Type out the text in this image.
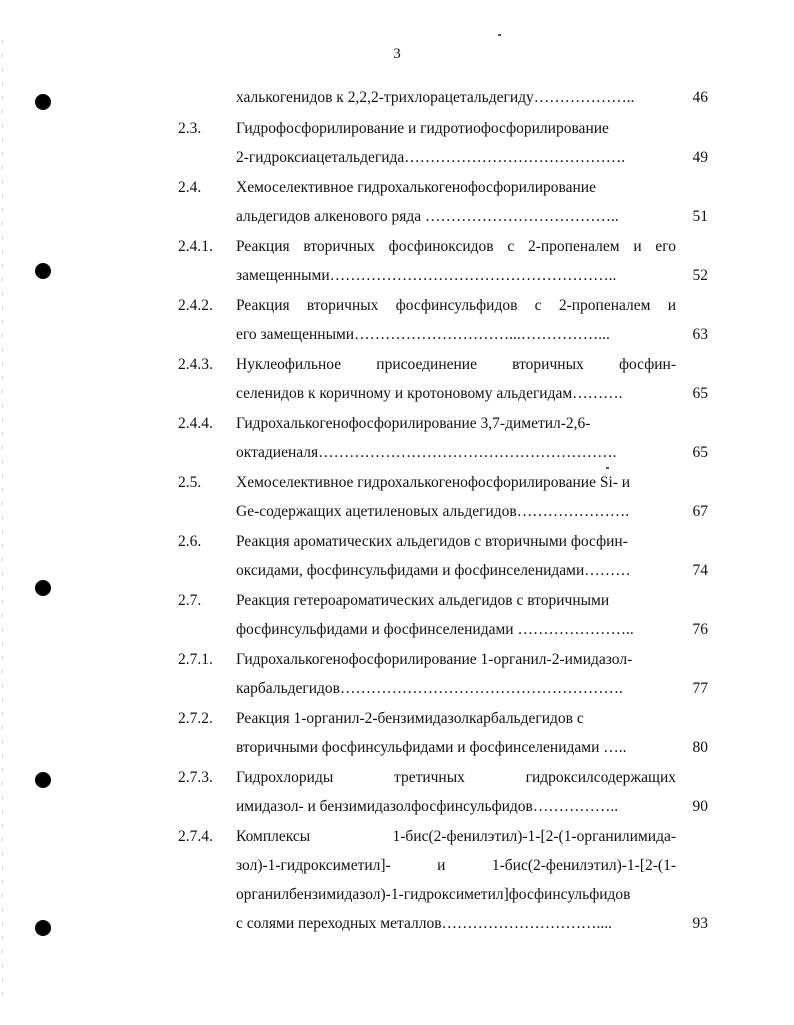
3
халькогенидов к 2,2,2-трихлорацетальдегиду………………..	46
2.3. Гидрофосфорилирование и гидротиофосфорилирование
2-гидроксиацетальдегида…………………………………….	49
2.4. Хемоселективное гидрохалькогенофосфорилирование
альдегидов алкенового ряда ………………………………..	51
2.4.1. Реакция вторичных фосфиноксидов с 2-пропеналем и его
замещенными………………………………………………..	52
2.4.2. Реакция вторичных фосфинсульфидов с 2-пропеналем и
его замещенными…………………………...……………...	63
2.4.3. Нуклеофильное присоединение вторичных фосфин-
селенидов к коричному и кротоновому альдегидам……….	65
2.4.4. Гидрохалькогенофосфорилирование 3,7-диметил-2,6-
октадиеналя………………………………………………….	65
2.5. Хемоселективное гидрохалькогенофосфорилирование Si- и
Ge-содержащих ацетиленовых альдегидов………………….	67
2.6. Реакция ароматических альдегидов с вторичными фосфин-
оксидами, фосфинсульфидами и фосфинселенидами………	74
2.7. Реакция гетероароматических альдегидов с вторичными
фосфинсульфидами и фосфинселенидами …………………..	76
2.7.1. Гидрохалькогенофосфорилирование 1-органил-2-имидазол-
карбальдегидов……………………………………………….	77
2.7.2. Реакция 1-органил-2-бензимидазолкарбальдегидов с
вторичными фосфинсульфидами и фосфинселенидами …..	80
2.7.3. Гидрохлориды третичных гидроксилсодержащих
имидазол- и бензимидазолфосфинсульфидов……………..	90
2.7.4. Комплексы 1-бис(2-фенилэтил)-1-[2-(1-органилимида-
зол)-1-гидроксиметил]- и 1-бис(2-фенилэтил)-1-[2-(1-
органилбензимидазол)-1-гидроксиметил]фосфинсульфидов
с солями переходных металлов…………………………....	93
